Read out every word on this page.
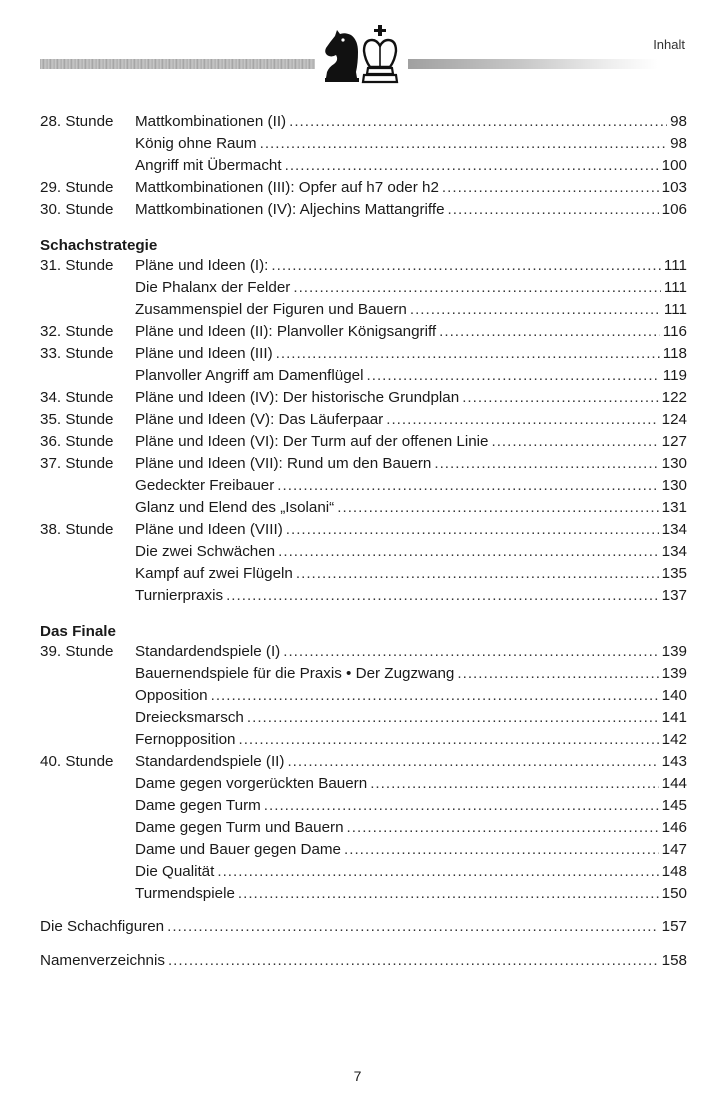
Inhalt
28. Stunde	Mattkombinationen (II) .....	98
König ohne Raum .....	98
Angriff mit Übermacht .....	100
29. Stunde	Mattkombinationen (III): Opfer auf h7 oder h2 .....	103
30. Stunde	Mattkombinationen (IV): Aljechins Mattangriffe .....	106
Schachstrategie
31. Stunde	Pläne und Ideen (I): .....	111
Die Phalanx der Felder .....	111
Zusammenspiel der Figuren und Bauern .....	111
32. Stunde	Pläne und Ideen (II): Planvoller Königsangriff .....	116
33. Stunde	Pläne und Ideen (III) .....	118
Planvoller Angriff am Damenflügel .....	119
34. Stunde	Pläne und Ideen (IV): Der historische Grundplan .....	122
35. Stunde	Pläne und Ideen (V): Das Läuferpaar .....	124
36. Stunde	Pläne und Ideen (VI): Der Turm auf der offenen Linie .....	127
37. Stunde	Pläne und Ideen (VII): Rund um den Bauern .....	130
Gedeckter Freibauer .....	130
Glanz und Elend des „Isolani“ .....	131
38. Stunde	Pläne und Ideen (VIII) .....	134
Die zwei Schwächen .....	134
Kampf auf zwei Flügeln .....	135
Turnierpraxis .....	137
Das Finale
39. Stunde	Standardendspiele (I) .....	139
Bauernendspiele für die Praxis • Der Zugzwang .....	139
Opposition .....	140
Dreiecksmarsch .....	141
Fernopposition .....	142
40. Stunde	Standardendspiele (II) .....	143
Dame gegen vorgerückten Bauern .....	144
Dame gegen Turm .....	145
Dame gegen Turm und Bauern .....	146
Dame und Bauer gegen Dame .....	147
Die Qualität .....	148
Turmendspiele .....	150
Die Schachfiguren .....	157
Namenverzeichnis .....	158
7
